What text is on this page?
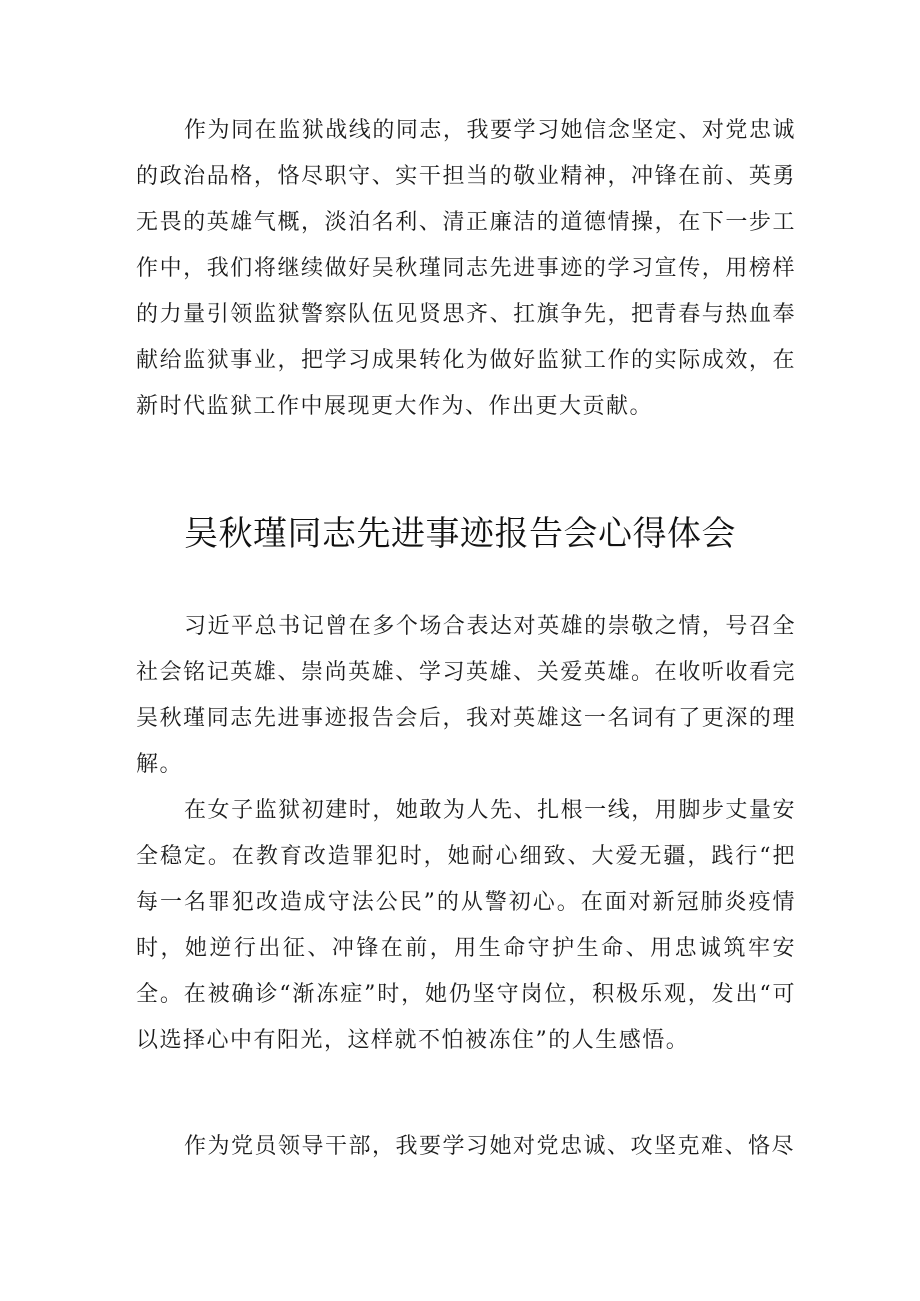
作为同在监狱战线的同志，我要学习她信念坚定、对党忠诚的政治品格，恪尽职守、实干担当的敬业精神，冲锋在前、英勇无畏的英雄气概，淡泊名利、清正廉洁的道德情操，在下一步工作中，我们将继续做好吴秋瑾同志先进事迹的学习宣传，用榜样的力量引领监狱警察队伍见贤思齐、扛旗争先，把青春与热血奉献给监狱事业，把学习成果转化为做好监狱工作的实际成效，在新时代监狱工作中展现更大作为、作出更大贡献。

吴秋瑾同志先进事迹报告会心得体会

习近平总书记曾在多个场合表达对英雄的崇敬之情，号召全社会铭记英雄、崇尚英雄、学习英雄、关爱英雄。在收听收看完吴秋瑾同志先进事迹报告会后，我对英雄这一名词有了更深的理解。

在女子监狱初建时，她敢为人先、扎根一线，用脚步丈量安全稳定。在教育改造罪犯时，她耐心细致、大爱无疆，践行“把每一名罪犯改造成守法公民”的从警初心。在面对新冠肺炎疫情时，她逆行出征、冲锋在前，用生命守护生命、用忠诚筑牢安全。在被确诊“渐冻症”时，她仍坚守岗位，积极乐观，发出“可以选择心中有阳光，这样就不怕被冻住”的人生感悟。

作为党员领导干部，我要学习她对党忠诚、攻坚克难、恪尽
